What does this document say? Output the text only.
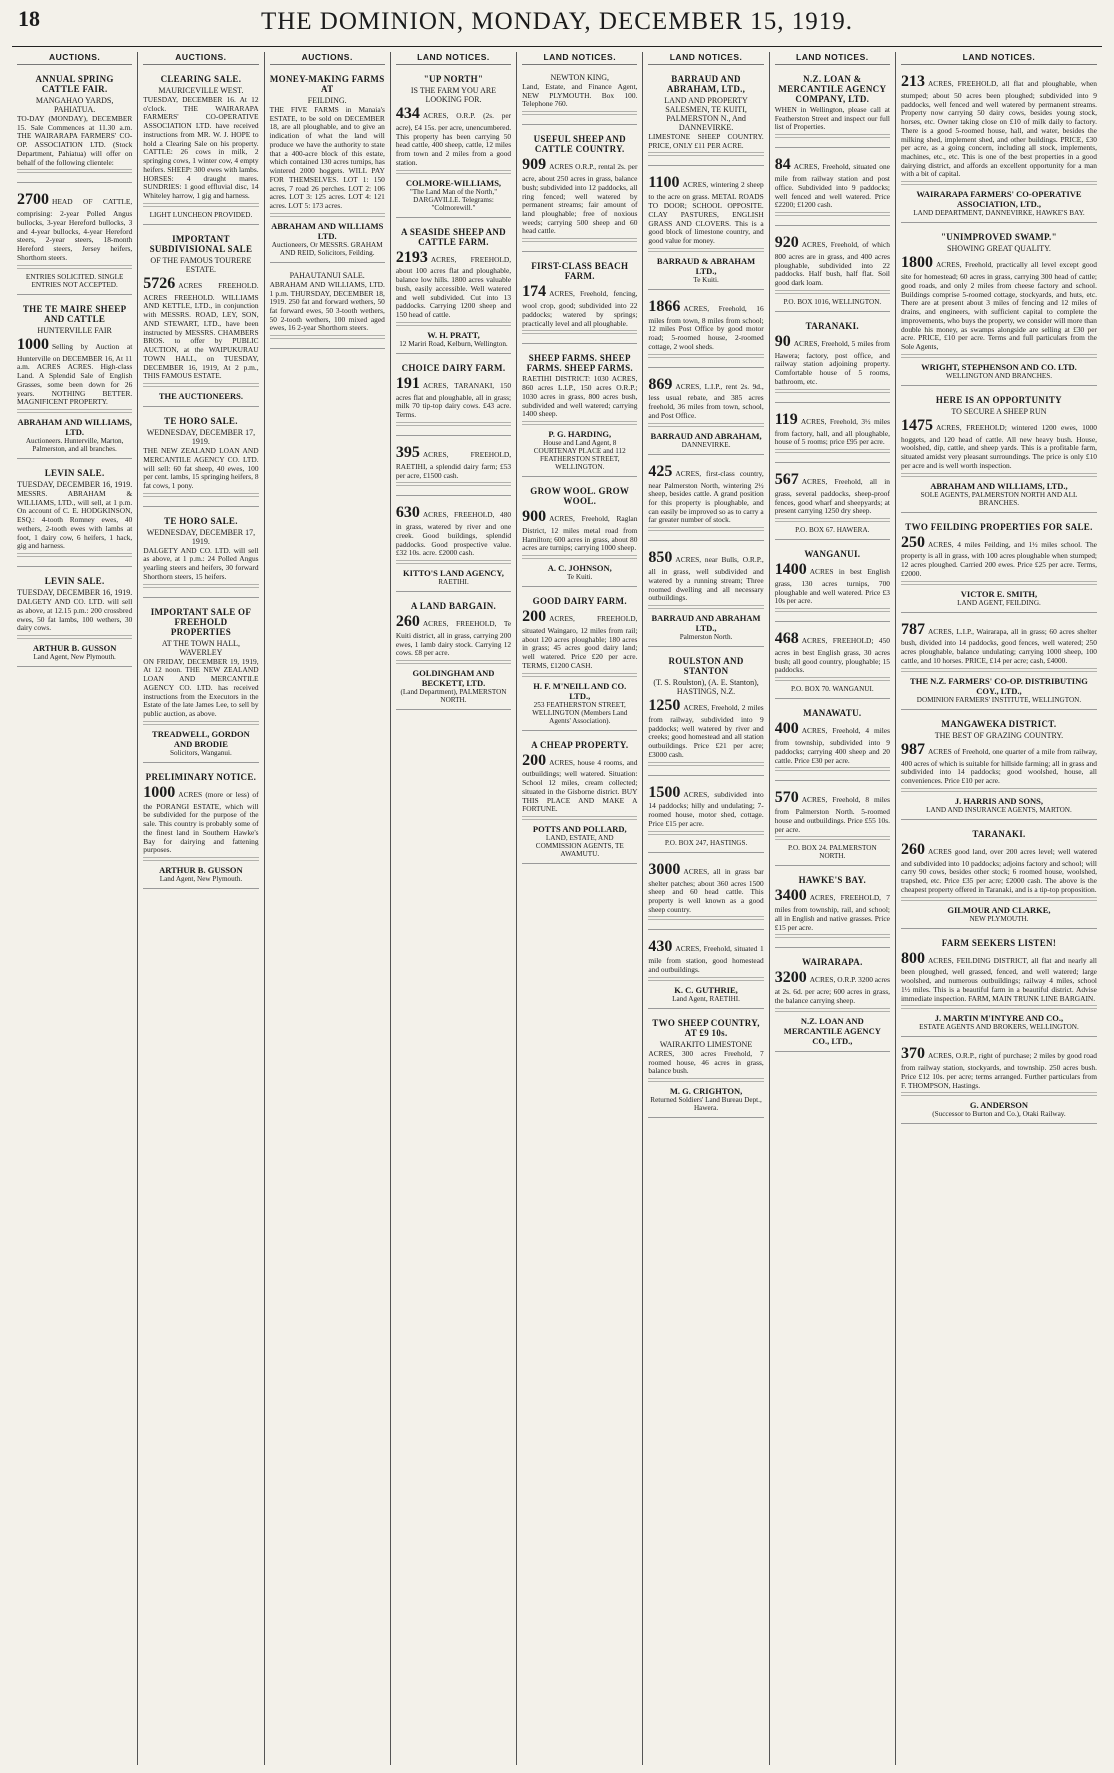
18	THE DOMINION, MONDAY, DECEMBER 15, 1919.
AUCTIONS.
ANNUAL SPRING CATTLE FAIR.
MANGAHAO YARDS, PAHIATUA.

TO-DAY (MONDAY), DECEMBER 15. Sale Commences at 11.30 a.m. THE WAIRARAPA FARMERS' CO-OP. ASSOCIATION LTD. (Stock Department, Pahiatua) will offer on behalf of the following clientele:

2700 HEAD OF CATTLE, comprising: 2-year Polled Angus bullocks, 3-year Hereford bullocks, 3 and 4-year bullocks, 4-year Hereford steers, 2-year steers, 18-month Hereford steers, Jersey heifers, Shorthorn steers.

ENTRIES SOLICITED. SINGLE ENTRIES NOT ACCEPTED.
THE TE MAIRE SHEEP AND CATTLE
HUNTERVILLE FAIR

1000 Selling by Auction at Hunterville on DECEMBER 16, At 11 a.m. ACRES ACRES. High-class Land. A Splendid Sale of English Grasses, some been down for 26 years. NOTHING BETTER. MAGNIFICENT PROPERTY.

ABRAHAM AND WILLIAMS, LTD.
Auctioneers. Hunterville, Marton, Palmerston, and all branches.
LEVIN SALE.
TUESDAY, DECEMBER 16, 1919.

MESSRS. ABRAHAM & WILLIAMS, LTD., will sell, at 1 p.m. On account of C. E. HODGKINSON, ESQ.: 4-tooth Romney ewes, 40 wethers, 2-tooth ewes with lambs at foot, 1 dairy cow, 6 heifers, 1 hack, gig and harness.

LEVIN SALE.
TUESDAY, DECEMBER 16, 1919.

DALGETY AND CO. LTD. will sell as above, at 12.15 p.m.: 200 crossbred ewes, 50 fat lambs, 100 wethers, 30 dairy cows.

ARTHUR B. GUSSON
Land Agent, New Plymouth.
AUCTIONS.
CLEARING SALE.
MAURICEVILLE WEST.

TUESDAY, DECEMBER 16. At 12 o'clock. THE WAIRARAPA FARMERS' CO-OPERATIVE ASSOCIATION LTD. have received instructions from MR. W. J. HOPE to hold a Clearing Sale on his property. CATTLE: 26 cows in milk, 2 springing cows, 1 winter cow, 4 empty heifers. SHEEP: 300 ewes with lambs. HORSES: 4 draught mares. SUNDRIES: 1 good effluvial disc, 14 Whiteley harrow, 1 gig and harness.

LIGHT LUNCHEON PROVIDED.
IMPORTANT SUBDIVISIONAL SALE
OF THE FAMOUS TOURERE ESTATE.

5726 ACRES FREEHOLD. ACRES FREEHOLD. WILLIAMS AND KETTLE, LTD., in conjunction with MESSRS. ROAD, LEY, SON, AND STEWART, LTD., have been instructed by MESSRS. CHAMBERS BROS. to offer by PUBLIC AUCTION, at the WAIPUKURAU TOWN HALL, on TUESDAY, DECEMBER 16, 1919, At 2 p.m., THIS FAMOUS ESTATE.

THE AUCTIONEERS.
TE HORO SALE.
WEDNESDAY, DECEMBER 17, 1919.

THE NEW ZEALAND LOAN AND MERCANTILE AGENCY CO. LTD. will sell: 60 fat sheep, 40 ewes, 100 per cent. lambs, 15 springing heifers, 8 fat cows, 1 pony.

TE HORO SALE.
WEDNESDAY, DECEMBER 17, 1919.

DALGETY AND CO. LTD. will sell as above, at 1 p.m.: 24 Polled Angus yearling steers and heifers, 30 forward Shorthorn steers, 15 heifers.

IMPORTANT SALE OF FREEHOLD PROPERTIES
AT THE TOWN HALL, WAVERLEY

ON FRIDAY, DECEMBER 19, 1919, At 12 noon. THE NEW ZEALAND LOAN AND MERCANTILE AGENCY CO. LTD. has received instructions from the Executors in the Estate of the late James Lee, to sell by public auction, as above.

TREADWELL, GORDON AND BRODIE
Solicitors, Wanganui.
PRELIMINARY NOTICE.

1000 ACRES (more or less) of the PORANGI ESTATE, which will be subdivided for the purpose of the sale. This country is probably some of the finest land in Southern Hawke's Bay for dairying and fattening purposes.

ARTHUR B. GUSSON
Land Agent, New Plymouth.
AUCTIONS.
MONEY-MAKING FARMS AT
FEILDING.

THE FIVE FARMS in Manaia's ESTATE, to be sold on DECEMBER 18, are all ploughable, and to give an indication of what the land will produce we have the authority to state that a 400-acre block of this estate, which contained 130 acres turnips, has wintered 2000 hoggets. WILL PAY FOR THEMSELVES. LOT 1: 150 acres, 7 road 26 perches. LOT 2: 106 acres. LOT 3: 125 acres. LOT 4: 121 acres. LOT 5: 173 acres.

ABRAHAM AND WILLIAMS LTD.
Auctioneers, Or MESSRS. GRAHAM AND REID, Solicitors, Feilding.
PAHAUTANUI SALE.

ABRAHAM AND WILLIAMS, LTD. 1 p.m. THURSDAY, DECEMBER 18, 1919. 250 fat and forward wethers, 50 fat forward ewes, 50 3-tooth wethers, 50 2-tooth wethers, 100 mixed aged ewes, 16 2-year Shorthorn steers.

LAND NOTICES.
"UP NORTH"
IS THE FARM YOU ARE LOOKING FOR.

434 ACRES, O.R.P. (2s. per acre), £4 15s. per acre, unencumbered. This property has been carrying 50 head cattle, 400 sheep, cattle, 12 miles from town and 2 miles from a good station.

COLMORE-WILLIAMS,
"The Land Man of the North," DARGAVILLE. Telegrams: "Colmorewill."
A SEASIDE SHEEP AND CATTLE FARM.

2193 ACRES, FREEHOLD, about 100 acres flat and ploughable, balance low hills. 1800 acres valuable bush, easily accessible. Well watered and well subdivided. Cut into 13 paddocks. Carrying 1200 sheep and 150 head of cattle.

W. H. PRATT,
12 Mariri Road, Kelburn, Wellington.
CHOICE DAIRY FARM.

191 ACRES, TARANAKI, 150 acres flat and ploughable, all in grass; milk 70 tip-top dairy cows. £43 acre. Terms.

395 ACRES, FREEHOLD, RAETIHI, a splendid dairy farm; £53 per acre, £1500 cash.

630 ACRES, FREEHOLD, 480 in grass, watered by river and one creek. Good buildings, splendid paddocks. Good prospective value. £32 10s. acre. £2000 cash.

KITTO'S LAND AGENCY,
RAETIHI.
A LAND BARGAIN.

260 ACRES, FREEHOLD, Te Kuiti district, all in grass, carrying 200 ewes, 1 lamb dairy stock. Carrying 12 cows. £8 per acre.

GOLDINGHAM AND BECKETT, LTD.
(Land Department), PALMERSTON NORTH.
LAND NOTICES.
NEWTON KING,

Land, Estate, and Finance Agent, NEW PLYMOUTH. Box 100. Telephone 760.

USEFUL SHEEP AND CATTLE COUNTRY.

909 ACRES O.R.P., rental 2s. per acre, about 250 acres in grass, balance bush; subdivided into 12 paddocks, all ring fenced; well watered by permanent streams; fair amount of land ploughable; free of noxious weeds; carrying 500 sheep and 60 head cattle.

FIRST-CLASS BEACH FARM.

174 ACRES, Freehold, fencing, wool crop, good; subdivided into 22 paddocks; watered by springs; practically level and all ploughable.

SHEEP FARMS. SHEEP FARMS. SHEEP FARMS.

RAETIHI DISTRICT: 1030 ACRES, 860 acres L.I.P., 150 acres O.R.P.; 1030 acres in grass, 800 acres bush, subdivided and well watered; carrying 1400 sheep.

P. G. HARDING,
House and Land Agent, 8 COURTENAY PLACE and 112 FEATHERSTON STREET, WELLINGTON.
GROW WOOL. GROW WOOL.

900 ACRES, Freehold, Raglan District, 12 miles metal road from Hamilton; 600 acres in grass, about 80 acres are turnips; carrying 1000 sheep.

A. C. JOHNSON,
Te Kuiti.
GOOD DAIRY FARM.

200 ACRES, FREEHOLD, situated Waingaro, 12 miles from rail; about 120 acres ploughable; 180 acres in grass; 45 acres good dairy land; well watered. Price £20 per acre. TERMS, £1200 CASH.

H. F. M'NEILL AND CO. LTD.,
253 FEATHERSTON STREET, WELLINGTON (Members Land Agents' Association).
A CHEAP PROPERTY.

200 ACRES, house 4 rooms, and outbuildings; well watered. Situation: School 12 miles, cream collected; situated in the Gisborne district. BUY THIS PLACE AND MAKE A FORTUNE.

POTTS AND POLLARD,
LAND, ESTATE, AND COMMISSION AGENTS, TE AWAMUTU.
LAND NOTICES.
BARRAUD AND ABRAHAM, LTD.,
LAND AND PROPERTY SALESMEN, TE KUITI, PALMERSTON N., And DANNEVIRKE.

LIMESTONE SHEEP COUNTRY. PRICE, ONLY £11 PER ACRE.

1100 ACRES, wintering 2 sheep to the acre on grass. METAL ROADS TO DOOR; SCHOOL OPPOSITE. CLAY PASTURES, ENGLISH GRASS AND CLOVERS. This is a good block of limestone country, and good value for money.

BARRAUD & ABRAHAM LTD.,
Te Kuiti.

1866 ACRES, Freehold, 16 miles from town, 8 miles from school; 12 miles Post Office by good motor road; 5-roomed house, 2-roomed cottage, 2 wool sheds.

869 ACRES, L.I.P., rent 2s. 9d., less usual rebate, and 385 acres freehold, 36 miles from town, school, and Post Office.

BARRAUD AND ABRAHAM,
DANNEVIRKE.

425 ACRES, first-class country, near Palmerston North, wintering 2½ sheep, besides cattle. A grand position for this property is ploughable, and can easily be improved so as to carry a far greater number of stock.

850 ACRES, near Bulls, O.R.P., all in grass, well subdivided and watered by a running stream; Three roomed dwelling and all necessary outbuildings.

BARRAUD AND ABRAHAM LTD.,
Palmerston North.
ROULSTON AND STANTON
(T. S. Roulston), (A. E. Stanton), HASTINGS, N.Z.

1250 ACRES, Freehold, 2 miles from railway, subdivided into 9 paddocks; well watered by river and creeks; good homestead and all station outbuildings. Price £21 per acre; £3000 cash.

1500 ACRES, subdivided into 14 paddocks; hilly and undulating; 7-roomed house, motor shed, cottage. Price £15 per acre.

P.O. BOX 247, HASTINGS.

3000 ACRES, all in grass bar shelter patches; about 360 acres 1500 sheep and 60 head cattle. This property is well known as a good sheep country.

430 ACRES, Freehold, situated 1 mile from station, good homestead and outbuildings.

K. C. GUTHRIE,
Land Agent, RAETIHI.
TWO SHEEP COUNTRY, AT £9 10s.
WAIRAKITO LIMESTONE

ACRES, 300 acres Freehold, 7 roomed house, 46 acres in grass, balance bush.

M. G. CRIGHTON,
Returned Soldiers' Land Bureau Dept., Hawera.
LAND NOTICES.
N.Z. LOAN & MERCANTILE AGENCY COMPANY, LTD.

WHEN in Wellington, please call at Featherston Street and inspect our full list of Properties.

84 ACRES, Freehold, situated one mile from railway station and post office. Subdivided into 9 paddocks; well fenced and well watered. Price £2200; £1200 cash.

920 ACRES, Freehold, of which 800 acres are in grass, and 400 acres ploughable, subdivided into 22 paddocks. Half bush, half flat. Soil good dark loam.

P.O. BOX 1016, WELLINGTON.
TARANAKI.

90 ACRES, Freehold, 5 miles from Hawera; factory, post office, and railway station adjoining property. Comfortable house of 5 rooms, bathroom, etc.

119 ACRES, Freehold, 3½ miles from factory, hall, and all ploughable, house of 5 rooms; price £95 per acre.

567 ACRES, Freehold, all in grass, several paddocks, sheep-proof fences, good wharf and sheepyards; at present carrying 1250 dry sheep.

P.O. BOX 67. HAWERA.
WANGANUI.

1400 ACRES in best English grass, 130 acres turnips, 700 ploughable and well watered. Price £3 10s per acre.

468 ACRES, FREEHOLD; 450 acres in best English grass, 30 acres bush; all good country, ploughable; 15 paddocks.

P.O. BOX 70. WANGANUI.
MANAWATU.

400 ACRES, Freehold, 4 miles from township, subdivided into 9 paddocks; carrying 400 sheep and 20 cattle. Price £30 per acre.

570 ACRES, Freehold, 8 miles from Palmerston North. 5-roomed house and outbuildings. Price £55 10s. per acre.

P.O. BOX 24. PALMERSTON NORTH.
HAWKE'S BAY.

3400 ACRES, FREEHOLD, 7 miles from township, rail, and school; all in English and native grasses. Price £15 per acre.

WAIRARAPA.

3200 ACRES, O.R.P. 3200 acres at 2s. 6d. per acre; 600 acres in grass, the balance carrying sheep.

N.Z. LOAN AND MERCANTILE AGENCY CO., LTD.,
LAND NOTICES.

213 ACRES, FREEHOLD, all flat and ploughable, when stumped; about 50 acres been ploughed; subdivided into 9 paddocks, well fenced and well watered by permanent streams. Property now carrying 50 dairy cows, besides young stock, horses, etc. Owner taking close on £10 of milk daily to factory. There is a good 5-roomed house, hall, and water, besides the milking shed, implement shed, and other buildings. PRICE, £30 per acre, as a going concern, including all stock, implements, machines, etc., etc. This is one of the best properties in a good dairying district, and affords an excellent opportunity for a man with a bit of capital.

WAIRARAPA FARMERS' CO-OPERATIVE ASSOCIATION, LTD.,
LAND DEPARTMENT, DANNEVIRKE, HAWKE'S BAY.
"UNIMPROVED SWAMP."
SHOWING GREAT QUALITY.

1800 ACRES, Freehold, practically all level except good site for homestead; 60 acres in grass, carrying 300 head of cattle; good roads, and only 2 miles from cheese factory and school. Buildings comprise 5-roomed cottage, stockyards, and huts, etc. There are at present about 3 miles of fencing and 12 miles of drains, and engineers, with sufficient capital to complete the improvements, who buys the property, we consider will more than double his money, as swamps alongside are selling at £30 per acre. PRICE, £10 per acre. Terms and full particulars from the Sole Agents,

WRIGHT, STEPHENSON AND CO. LTD.
WELLINGTON AND BRANCHES.
HERE IS AN OPPORTUNITY
TO SECURE A SHEEP RUN

1475 ACRES, FREEHOLD; wintered 1200 ewes, 1000 hoggets, and 120 head of cattle. All new heavy bush. House, woolshed, dip, cattle, and sheep yards. This is a profitable farm, situated amidst very pleasant surroundings. The price is only £10 per acre and is well worth inspection.

ABRAHAM AND WILLIAMS, LTD.,
SOLE AGENTS, PALMERSTON NORTH AND ALL BRANCHES.
TWO FEILDING PROPERTIES FOR SALE.

250 ACRES, 4 miles Feilding, and 1½ miles school. The property is all in grass, with 100 acres ploughable when stumped; 12 acres ploughed. Carried 200 ewes. Price £25 per acre. Terms, £2000.

VICTOR E. SMITH,
LAND AGENT, FEILDING.

787 ACRES, L.I.P., Wairarapa, all in grass; 60 acres shelter bush, divided into 14 paddocks, good fences, well watered; 250 acres ploughable, balance undulating; carrying 1000 sheep, 100 cattle, and 10 horses. PRICE, £14 per acre; cash, £4000.

THE N.Z. FARMERS' CO-OP. DISTRIBUTING COY., LTD.,
DOMINION FARMERS' INSTITUTE, WELLINGTON.
MANGAWEKA DISTRICT.
THE BEST OF GRAZING COUNTRY.

987 ACRES of Freehold, one quarter of a mile from railway, 400 acres of which is suitable for hillside farming; all in grass and subdivided into 14 paddocks; good woolshed, house, all conveniences. Price £10 per acre.

J. HARRIS AND SONS,
LAND AND INSURANCE AGENTS, MARTON.
TARANAKI.

260 ACRES good land, over 200 acres level; well watered and subdivided into 10 paddocks; adjoins factory and school; will carry 90 cows, besides other stock; 6 roomed house, woolshed, trapshed, etc. Price £35 per acre; £2000 cash. The above is the cheapest property offered in Taranaki, and is a tip-top proposition.

GILMOUR AND CLARKE,
NEW PLYMOUTH.
FARM SEEKERS LISTEN!

800 ACRES, FEILDING DISTRICT, all flat and nearly all been ploughed, well grassed, fenced, and well watered; large woolshed, and numerous outbuildings; railway 4 miles, school 1½ miles. This is a beautiful farm in a beautiful district. Advise immediate inspection. FARM, MAIN TRUNK LINE BARGAIN.

J. MARTIN M'INTYRE AND CO.,
ESTATE AGENTS AND BROKERS, WELLINGTON.

370 ACRES, O.R.P., right of purchase; 2 miles by good road from railway station, stockyards, and township. 250 acres bush. Price £12 10s. per acre; terms arranged. Further particulars from F. THOMPSON, Hastings.

G. ANDERSON
(Successor to Burton and Co.), Otaki Railway.
